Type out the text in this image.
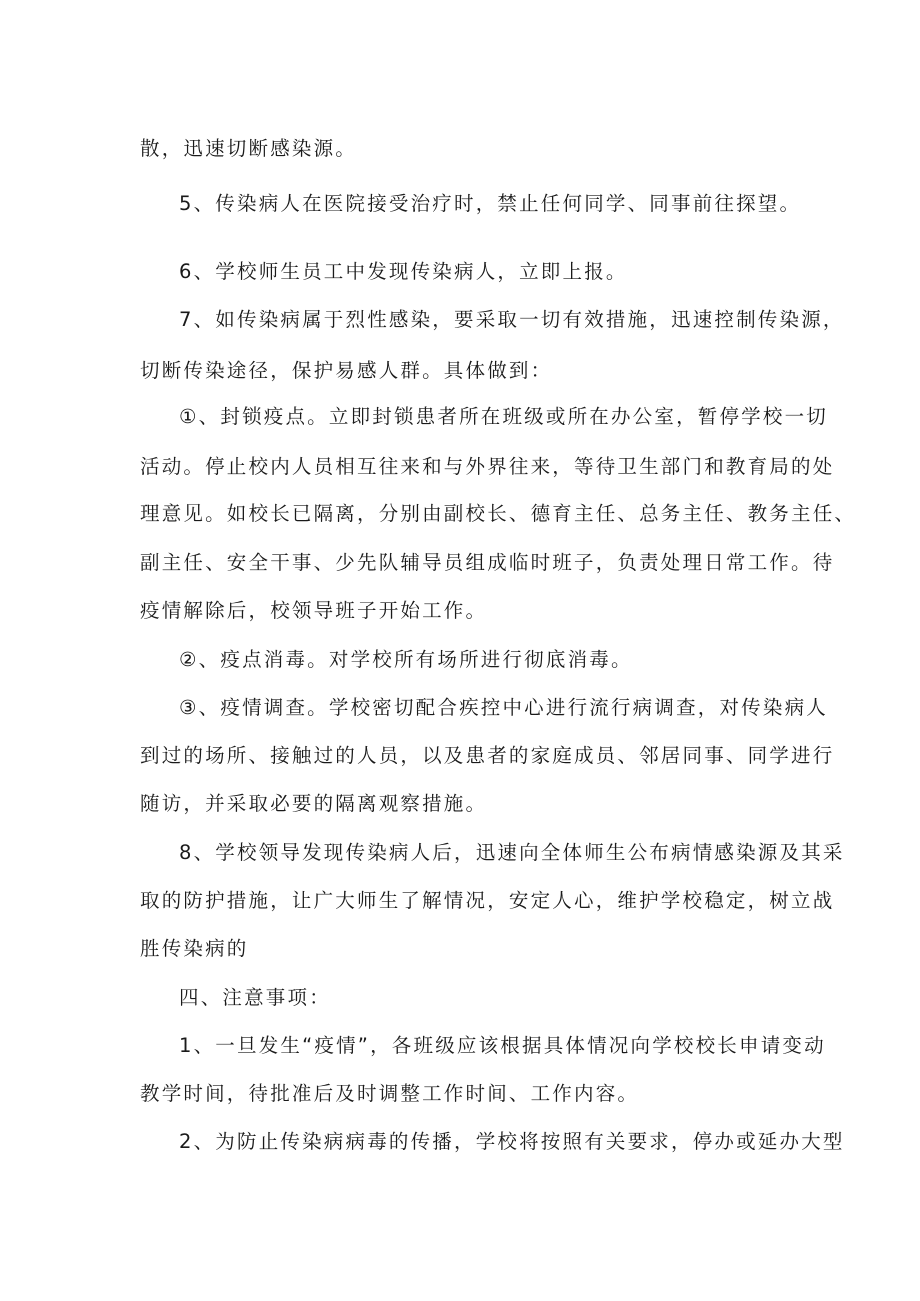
散，迅速切断感染源。
5、传染病人在医院接受治疗时，禁止任何同学、同事前往探望。
6、学校师生员工中发现传染病人，立即上报。
7、如传染病属于烈性感染，要采取一切有效措施，迅速控制传染源，
切断传染途径，保护易感人群。具体做到：
①、封锁疫点。立即封锁患者所在班级或所在办公室，暂停学校一切
活动。停止校内人员相互往来和与外界往来，等待卫生部门和教育局的处
理意见。如校长已隔离，分别由副校长、德育主任、总务主任、教务主任、
副主任、安全干事、少先队辅导员组成临时班子，负责处理日常工作。待
疫情解除后，校领导班子开始工作。
②、疫点消毒。对学校所有场所进行彻底消毒。
③、疫情调查。学校密切配合疾控中心进行流行病调查，对传染病人
到过的场所、接触过的人员，以及患者的家庭成员、邻居同事、同学进行
随访，并采取必要的隔离观察措施。
8、学校领导发现传染病人后，迅速向全体师生公布病情感染源及其采
取的防护措施，让广大师生了解情况，安定人心，维护学校稳定，树立战
胜传染病的
四、注意事项：
1、一旦发生“疫情”，各班级应该根据具体情况向学校校长申请变动
教学时间，待批准后及时调整工作时间、工作内容。
2、为防止传染病病毒的传播，学校将按照有关要求，停办或延办大型
